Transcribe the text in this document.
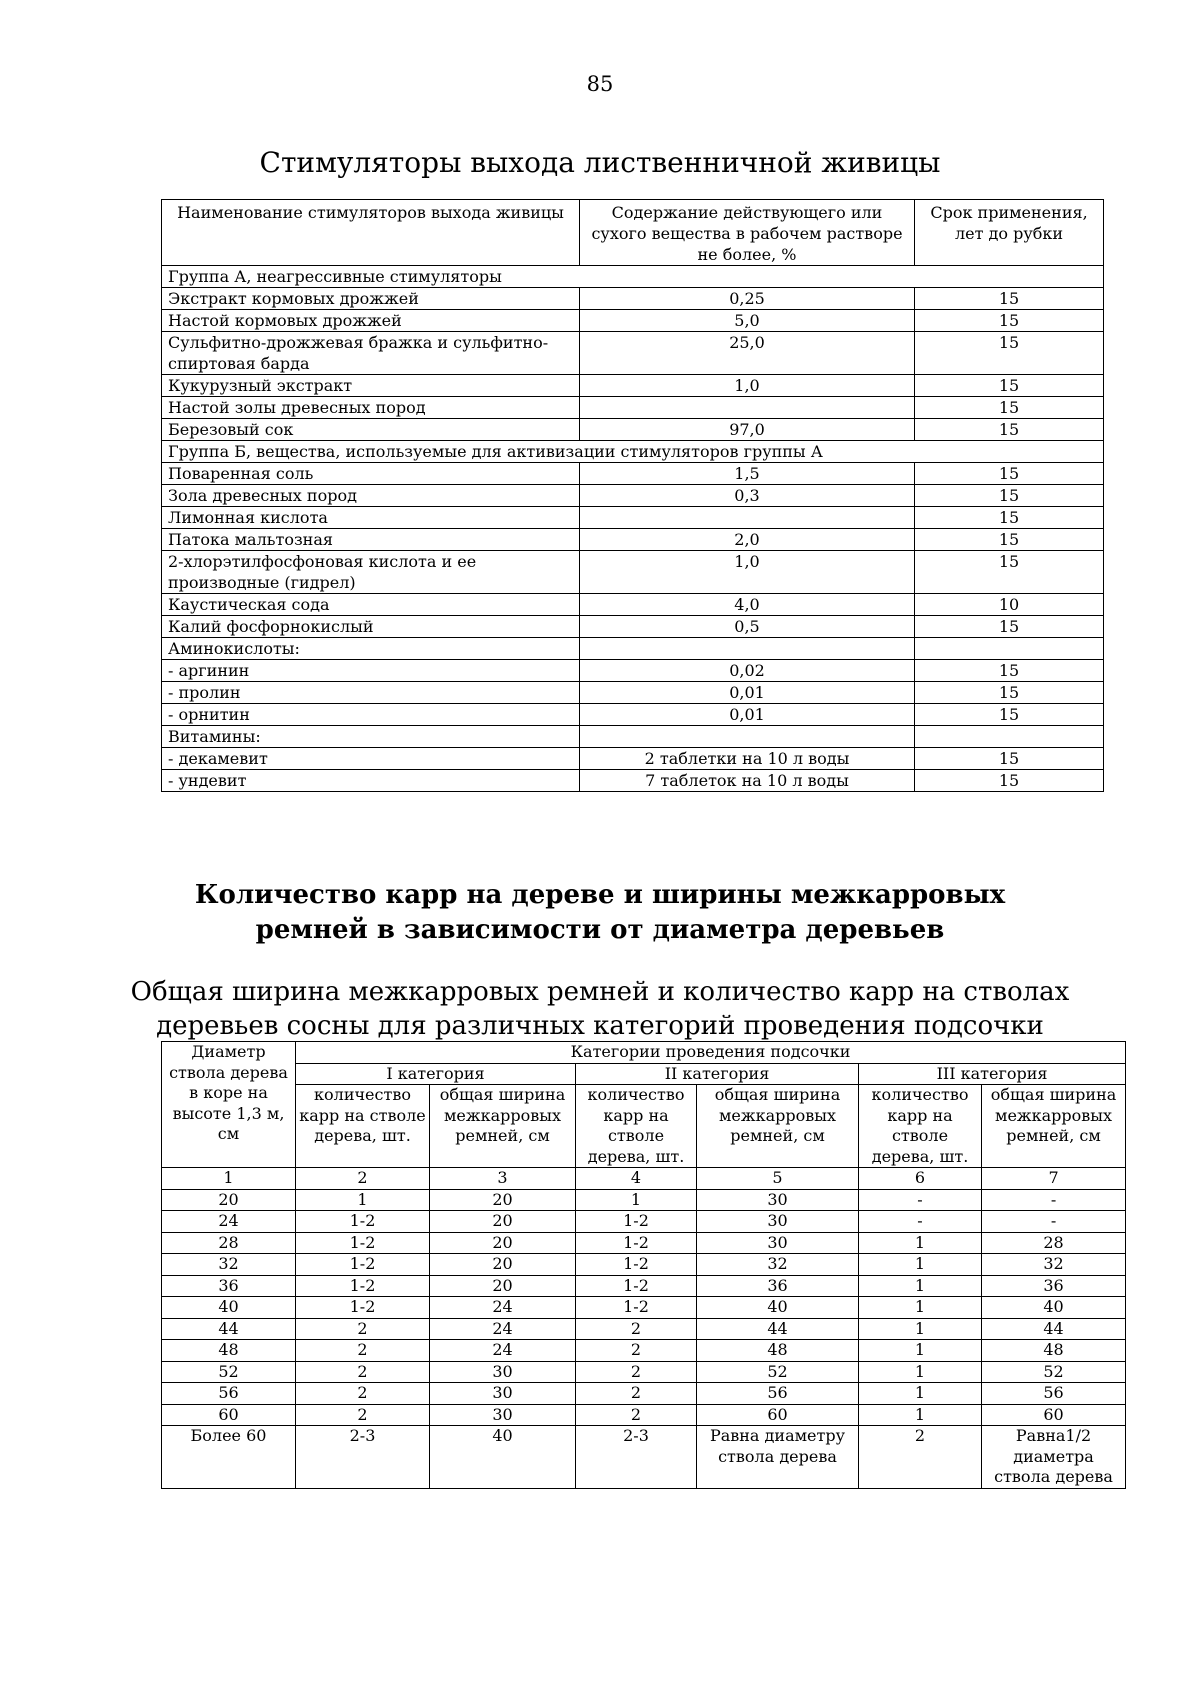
85
Стимуляторы выхода лиственничной живицы
Наименование стимуляторов выхода живицы	Содержание действующего или сухого вещества в рабочем растворе не более, %	Срок применения, лет до рубки
Группа А, неагрессивные стимуляторы		
Экстракт кормовых дрожжей	0,25	15
Настой кормовых дрожжей	5,0	15
Сульфитно-дрожжевая бражка и сульфитно-спиртовая барда	25,0	15
Кукурузный экстракт	1,0	15
Настой золы древесных пород		15
Березовый сок	97,0	15
Группа Б, вещества, используемые для активизации стимуляторов группы А		
Поваренная соль	1,5	15
Зола древесных пород	0,3	15
Лимонная кислота		15
Патока мальтозная	2,0	15
2-хлорэтилфосфоновая кислота и ее производные (гидрел)	1,0	15
Каустическая сода	4,0	10
Калий фосфорнокислый	0,5	15
Аминокислоты:		
- аргинин	0,02	15
- пролин	0,01	15
- орнитин	0,01	15
Витамины:		
- декамевит	2 таблетки на 10 л воды	15
- ундевит	7 таблеток на 10 л воды	15
Количество карр на дереве и ширины межкарровых ремней в зависимости от диаметра деревьев
Общая ширина межкарровых ремней и количество карр на стволах деревьев сосны для различных категорий проведения подсочки
Диаметр ствола дерева в коре на высоте 1,3 м, см	Категории проведения подсочки					
	I категория		II категория		III категория	
	количество карр на стволе дерева, шт.	общая ширина межкарровых ремней, см	количество карр на стволе дерева, шт.	общая ширина межкарровых ремней, см	количество карр на стволе дерева, шт.	общая ширина межкарровых ремней, см
1	2	3	4	5	6	7
20	1	20	1	30	-	-
24	1-2	20	1-2	30	-	-
28	1-2	20	1-2	30	1	28
32	1-2	20	1-2	32	1	32
36	1-2	20	1-2	36	1	36
40	1-2	24	1-2	40	1	40
44	2	24	2	44	1	44
48	2	24	2	48	1	48
52	2	30	2	52	1	52
56	2	30	2	56	1	56
60	2	30	2	60	1	60
Более 60	2-3	40	2-3	Равна диаметру ствола дерева	2	Равна1/2 диаметра ствола дерева
